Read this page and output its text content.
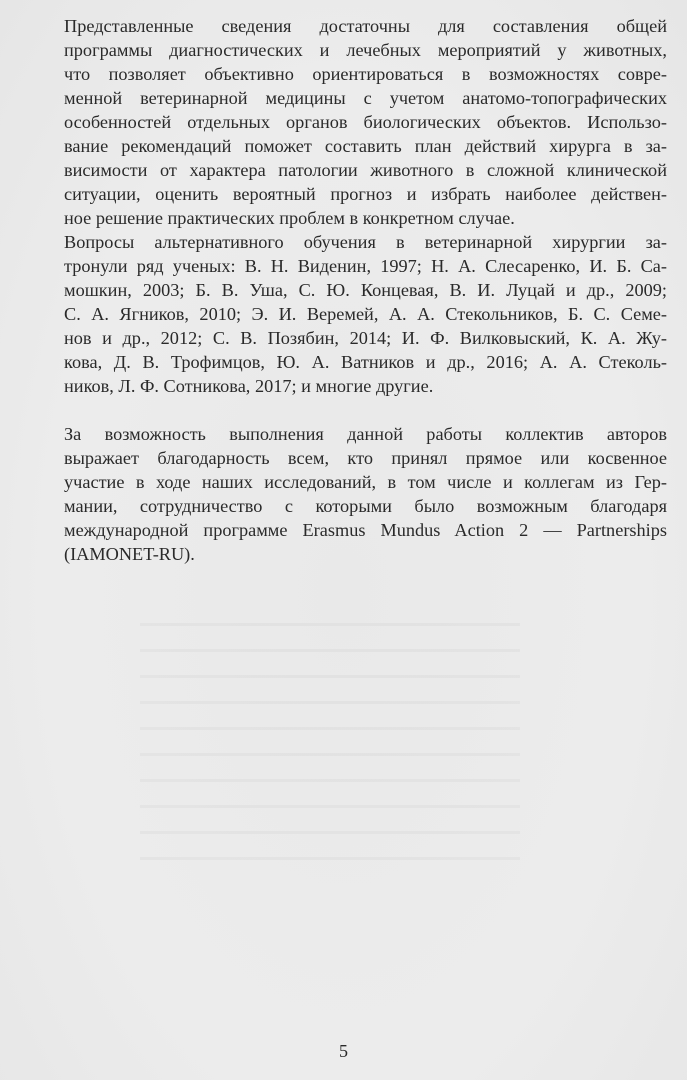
Представленные сведения достаточны для составления общей
программы диагностических и лечебных мероприятий у животных,
что позволяет объективно ориентироваться в возможностях совре-
менной ветеринарной медицины с учетом анатомо-топографических
особенностей отдельных органов биологических объектов. Использо-
вание рекомендаций поможет составить план действий хирурга в за-
висимости от характера патологии животного в сложной клинической
ситуации, оценить вероятный прогноз и избрать наиболее действен-
ное решение практических проблем в конкретном случае.

Вопросы альтернативного обучения в ветеринарной хирургии за-
тронули ряд ученых: В. Н. Виденин, 1997; Н. А. Слесаренко, И. Б. Са-
мошкин, 2003; Б. В. Уша, С. Ю. Концевая, В. И. Луцай и др., 2009;
С. А. Ягников, 2010; Э. И. Веремей, А. А. Стекольников, Б. С. Семе-
нов и др., 2012; С. В. Позябин, 2014; И. Ф. Вилковыский, К. А. Жу-
кова, Д. В. Трофимцов, Ю. А. Ватников и др., 2016; А. А. Стеколь-
ников, Л. Ф. Сотникова, 2017; и многие другие.

За возможность выполнения данной работы коллектив авторов
выражает благодарность всем, кто принял прямое или косвенное
участие в ходе наших исследований, в том числе и коллегам из Гер-
мании, сотрудничество с которыми было возможным благодаря
международной программе Erasmus Mundus Action 2 — Partnerships
(IAMONET-RU).

5
